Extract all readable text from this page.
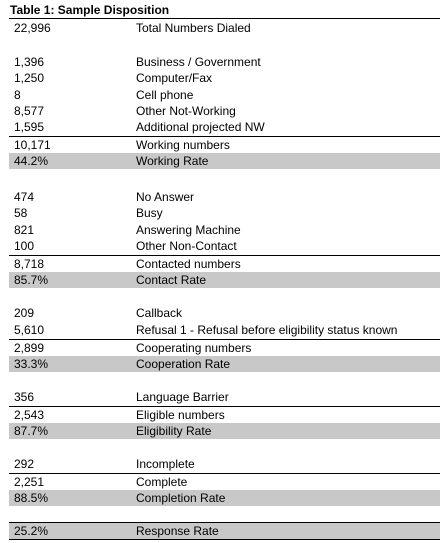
Table 1: Sample Disposition
22,996	Total Numbers Dialed
1,396	Business / Government
1,250	Computer/Fax
8	Cell phone
8,577	Other Not-Working
1,595	Additional projected NW
10,171	Working numbers
44.2%	Working Rate
474	No Answer
58	Busy
821	Answering Machine
100	Other Non-Contact
8,718	Contacted numbers
85.7%	Contact Rate
209	Callback
5,610	Refusal 1 - Refusal before eligibility status known
2,899	Cooperating numbers
33.3%	Cooperation Rate
356	Language Barrier
2,543	Eligible numbers
87.7%	Eligibility Rate
292	Incomplete
2,251	Complete
88.5%	Completion Rate
25.2%	Response Rate
